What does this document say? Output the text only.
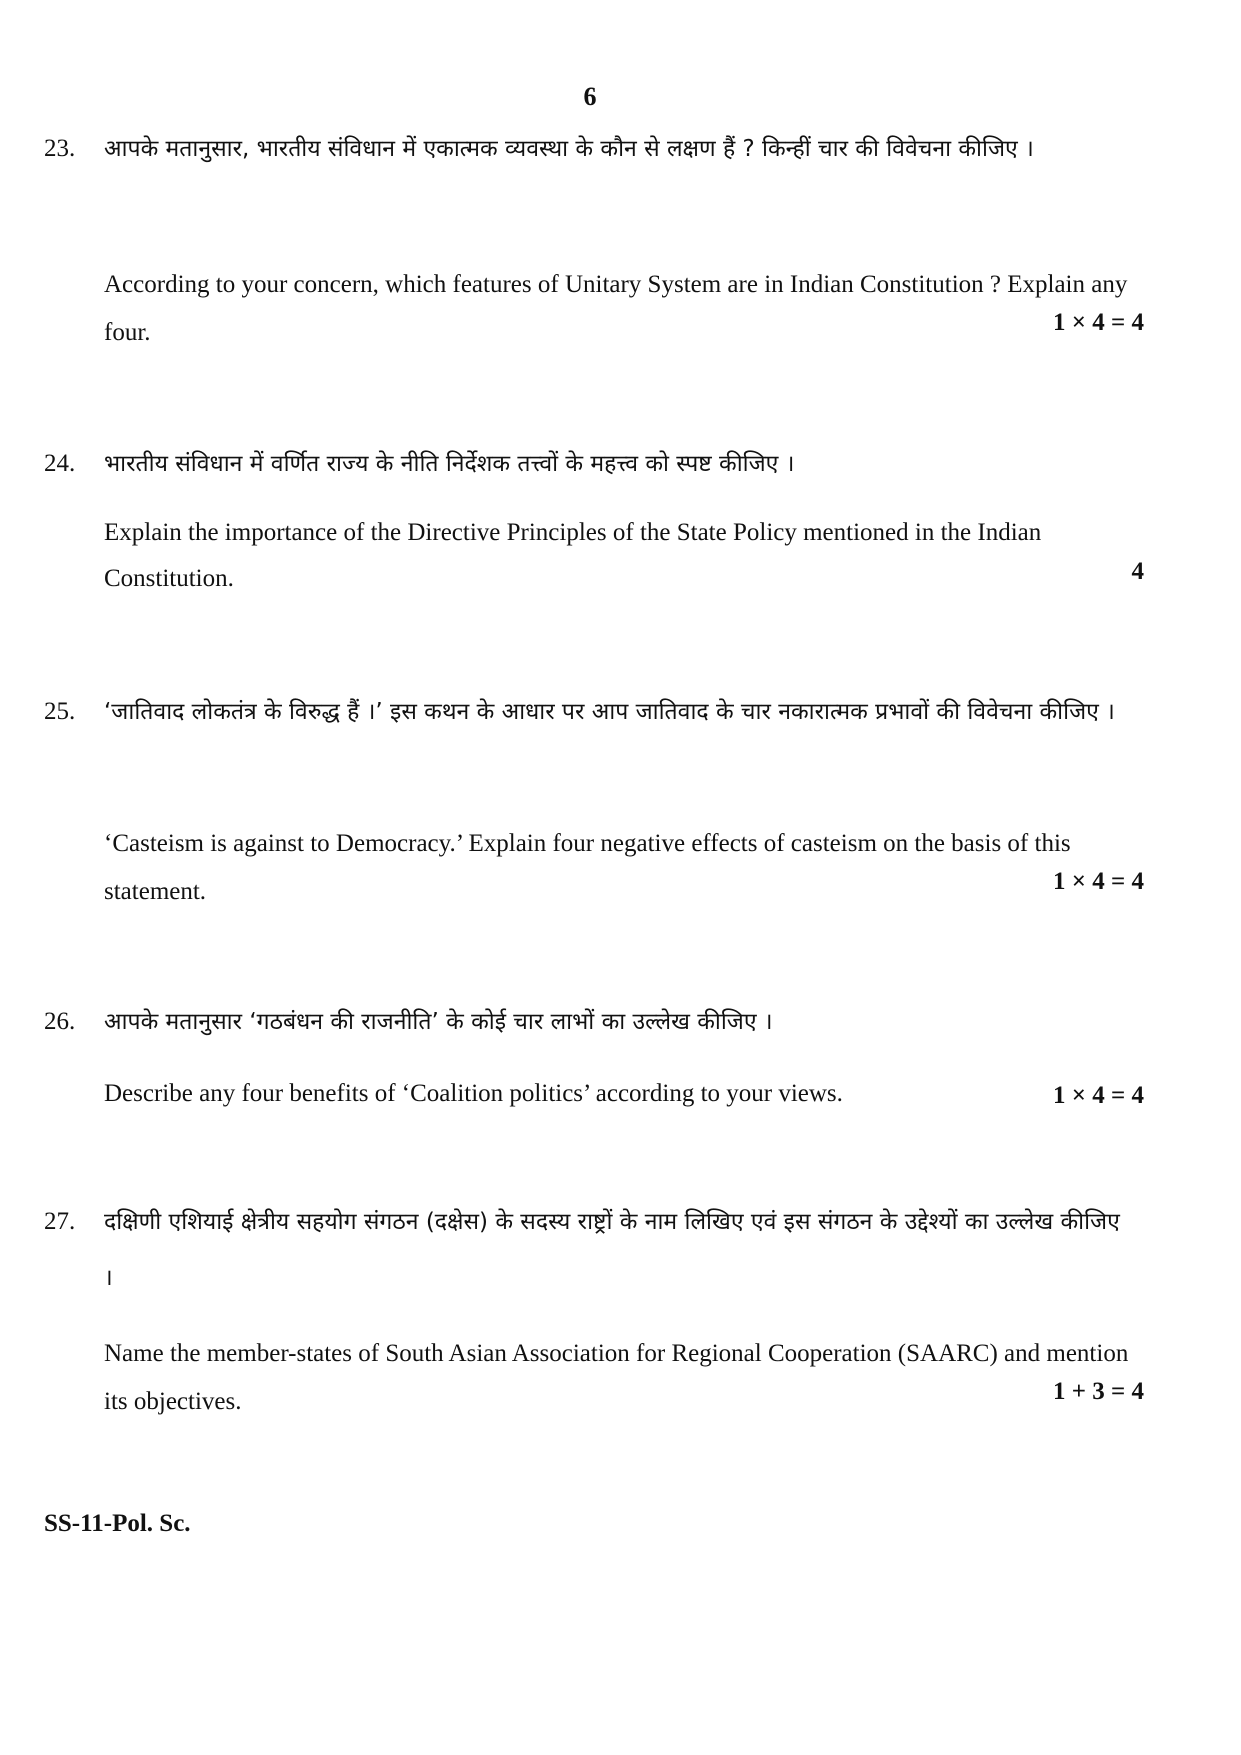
6
23. आपके मतानुसार, भारतीय संविधान में एकात्मक व्यवस्था के कौन से लक्षण हैं ? किन्हीं चार की विवेचना कीजिए ।
According to your concern, which features of Unitary System are in Indian Constitution ? Explain any four.	1 × 4 = 4
24. भारतीय संविधान में वर्णित राज्य के नीति निर्देशक तत्त्वों के महत्त्व को स्पष्ट कीजिए ।
Explain the importance of the Directive Principles of the State Policy mentioned in the Indian Constitution.	4
25. ‘जातिवाद लोकतंत्र के विरुद्ध हैं ।’ इस कथन के आधार पर आप जातिवाद के चार नकारात्मक प्रभावों की विवेचना कीजिए ।
‘Casteism is against to Democracy.’ Explain four negative effects of casteism on the basis of this statement.	1 × 4 = 4
26. आपके मतानुसार ‘गठबंधन की राजनीति’ के कोई चार लाभों का उल्लेख कीजिए ।
Describe any four benefits of ‘Coalition politics’ according to your views.	1 × 4 = 4
27. दक्षिणी एशियाई क्षेत्रीय सहयोग संगठन (दक्षेस) के सदस्य राष्ट्रों के नाम लिखिए एवं इस संगठन के उद्देश्यों का उल्लेख कीजिए ।
Name the member-states of South Asian Association for Regional Cooperation (SAARC) and mention its objectives.	1 + 3 = 4
SS-11-Pol. Sc.
